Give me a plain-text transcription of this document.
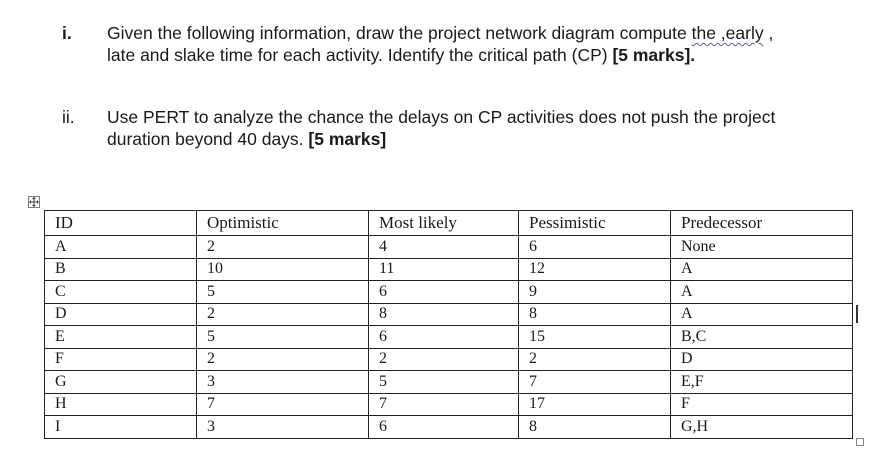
i. Given the following information, draw the project network diagram compute the ,early ,
late and slake time for each activity. Identify the critical path (CP) [5 marks].
ii. Use PERT to analyze the chance the delays on CP activities does not push the project
duration beyond 40 days. [5 marks]
ID	Optimistic	Most likely	Pessimistic	Predecessor
A	2	4	6	None
B	10	11	12	A
C	5	6	9	A
D	2	8	8	A
E	5	6	15	B,C
F	2	2	2	D
G	3	5	7	E,F
H	7	7	17	F
I	3	6	8	G,H
